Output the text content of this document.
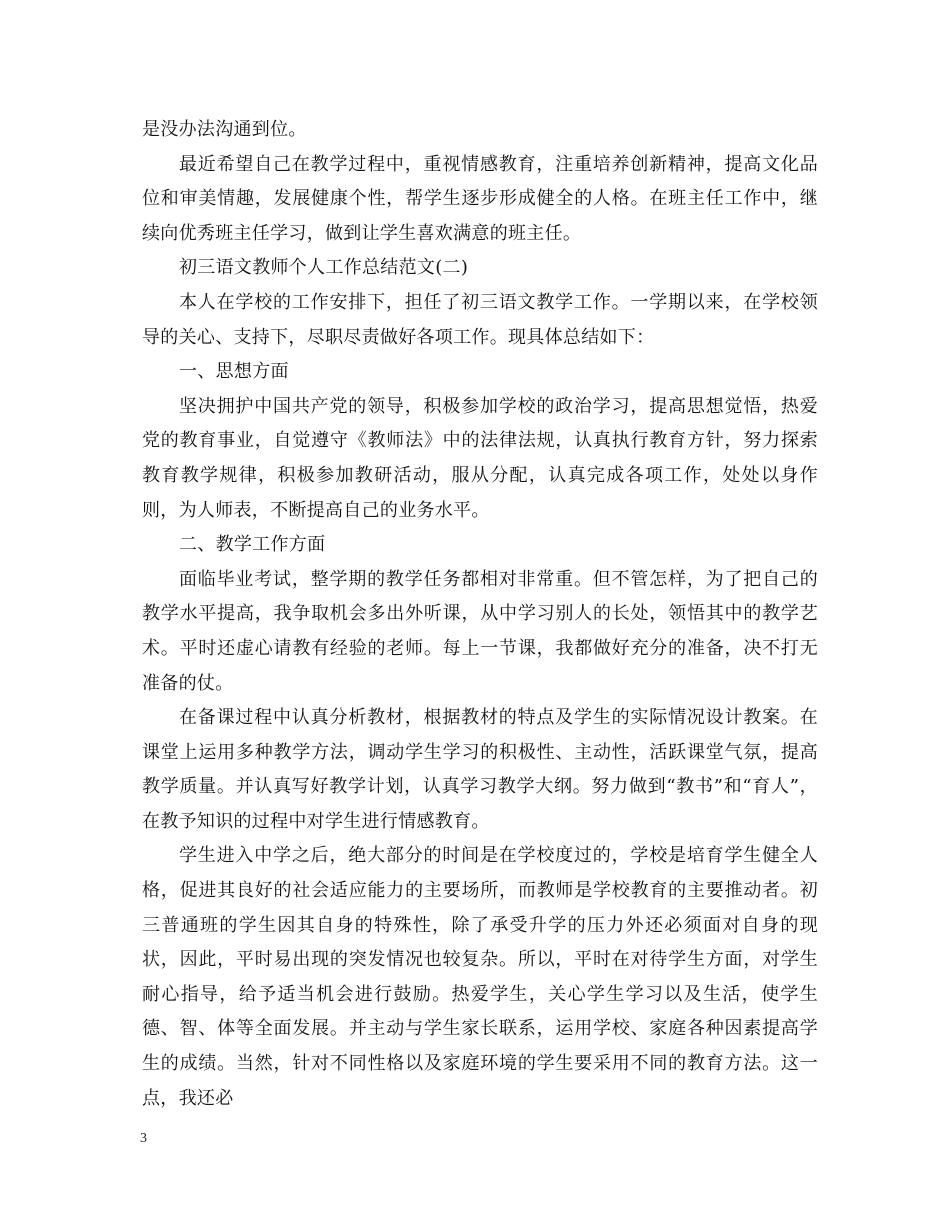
是没办法沟通到位。

最近希望自己在教学过程中，重视情感教育，注重培养创新精神，提高文化品位和审美情趣，发展健康个性，帮学生逐步形成健全的人格。在班主任工作中，继续向优秀班主任学习，做到让学生喜欢满意的班主任。

初三语文教师个人工作总结范文(二)

本人在学校的工作安排下，担任了初三语文教学工作。一学期以来，在学校领导的关心、支持下，尽职尽责做好各项工作。现具体总结如下：

一、思想方面

坚决拥护中国共产党的领导，积极参加学校的政治学习，提高思想觉悟，热爱党的教育事业，自觉遵守《教师法》中的法律法规，认真执行教育方针，努力探索教育教学规律，积极参加教研活动，服从分配，认真完成各项工作，处处以身作则，为人师表，不断提高自己的业务水平。

二、教学工作方面

面临毕业考试，整学期的教学任务都相对非常重。但不管怎样，为了把自己的教学水平提高，我争取机会多出外听课，从中学习别人的长处，领悟其中的教学艺术。平时还虚心请教有经验的老师。每上一节课，我都做好充分的准备，决不打无准备的仗。

在备课过程中认真分析教材，根据教材的特点及学生的实际情况设计教案。在课堂上运用多种教学方法，调动学生学习的积极性、主动性，活跃课堂气氛，提高教学质量。并认真写好教学计划，认真学习教学大纲。努力做到“教书”和“育人”，在教予知识的过程中对学生进行情感教育。

学生进入中学之后，绝大部分的时间是在学校度过的，学校是培育学生健全人格，促进其良好的社会适应能力的主要场所，而教师是学校教育的主要推动者。初三普通班的学生因其自身的特殊性，除了承受升学的压力外还必须面对自身的现状，因此，平时易出现的突发情况也较复杂。所以，平时在对待学生方面，对学生耐心指导，给予适当机会进行鼓励。热爱学生，关心学生学习以及生活，使学生德、智、体等全面发展。并主动与学生家长联系，运用学校、家庭各种因素提高学生的成绩。当然，针对不同性格以及家庭环境的学生要采用不同的教育方法。这一点，我还必

3
